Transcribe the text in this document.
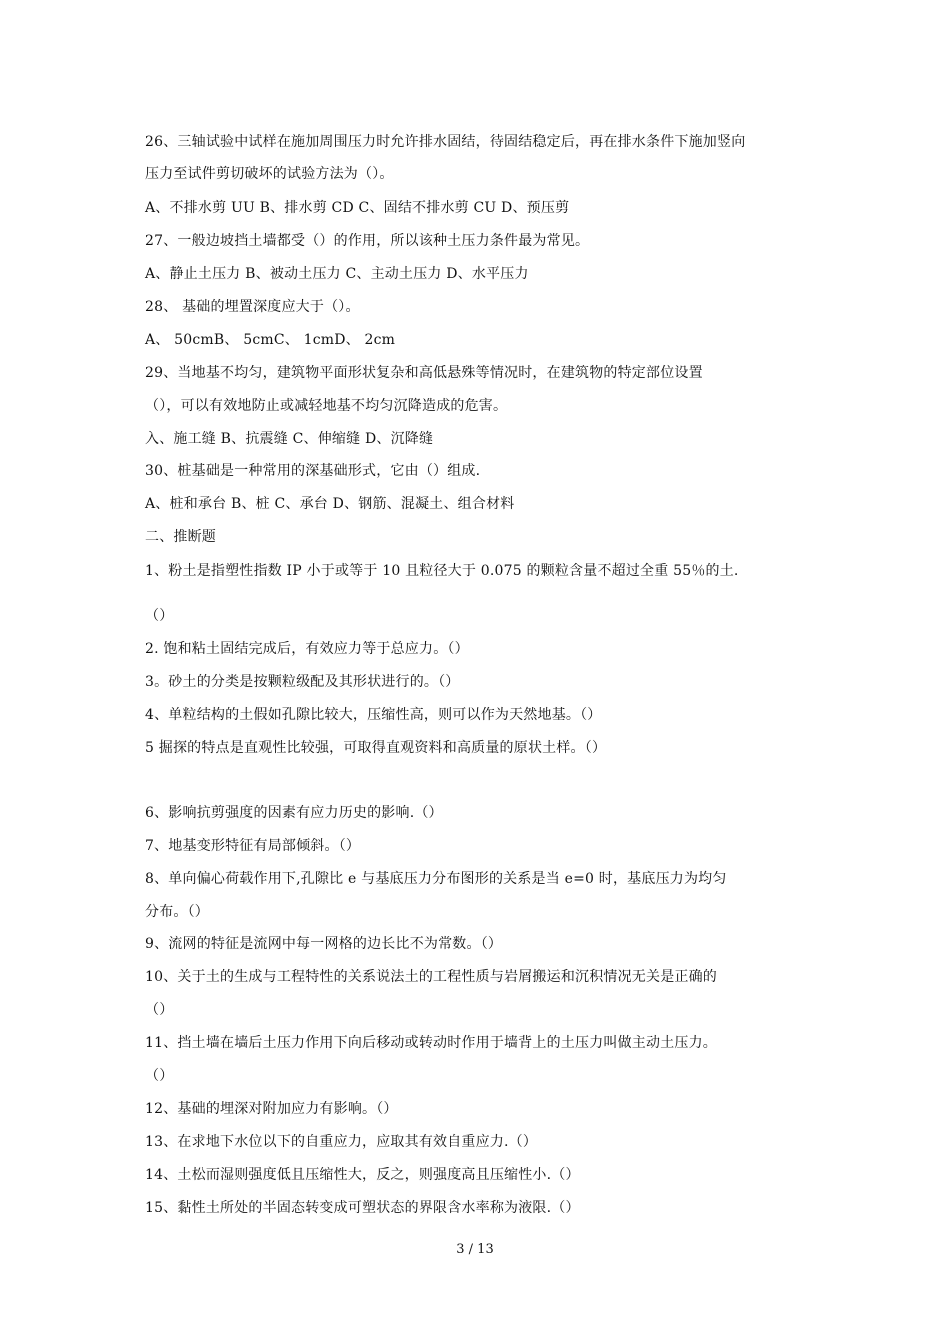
26、三轴试验中试样在施加周围压力时允许排水固结，待固结稳定后，再在排水条件下施加竖向
压力至试件剪切破坏的试验方法为（）。
A、不排水剪 UU B、排水剪 CD C、固结不排水剪 CU D、预压剪
27、一般边坡挡土墙都受（）的作用，所以该种土压力条件最为常见。
A、静止土压力 B、被动土压力 C、主动土压力 D、水平压力
28、 基础的埋置深度应大于（）。
A、 50cmB、 5cmC、 1cmD、 2cm
29、当地基不均匀，建筑物平面形状复杂和高低悬殊等情况时，在建筑物的特定部位设置
（），可以有效地防止或减轻地基不均匀沉降造成的危害。
入、施工缝 B、抗震缝 C、伸缩缝 D、沉降缝
30、桩基础是一种常用的深基础形式，它由（）组成.
A、桩和承台 B、桩 C、承台 D、钢筋、混凝土、组合材料
二、推断题
1、粉土是指塑性指数 IP 小于或等于 10 且粒径大于 0.075 的颗粒含量不超过全重 55％的土.
（）
2. 饱和粘土固结完成后，有效应力等于总应力。（）
3。砂土的分类是按颗粒级配及其形状进行的。（）
4、单粒结构的土假如孔隙比较大，压缩性高，则可以作为天然地基。（）
5 掘探的特点是直观性比较强，可取得直观资料和高质量的原状土样。（）
6、影响抗剪强度的因素有应力历史的影响.（）
7、地基变形特征有局部倾斜。（）
8、单向偏心荷载作用下,孔隙比 e 与基底压力分布图形的关系是当 e=0 时，基底压力为均匀
分布。（）
9、流网的特征是流网中每一网格的边长比不为常数。（）
10、关于土的生成与工程特性的关系说法土的工程性质与岩屑搬运和沉积情况无关是正确的
（）
11、挡土墙在墙后土压力作用下向后移动或转动时作用于墙背上的土压力叫做主动土压力。
（）
12、基础的埋深对附加应力有影响。（）
13、在求地下水位以下的自重应力，应取其有效自重应力.（）
14、土松而湿则强度低且压缩性大，反之，则强度高且压缩性小.（）
15、黏性土所处的半固态转变成可塑状态的界限含水率称为液限.（）
3 / 13
